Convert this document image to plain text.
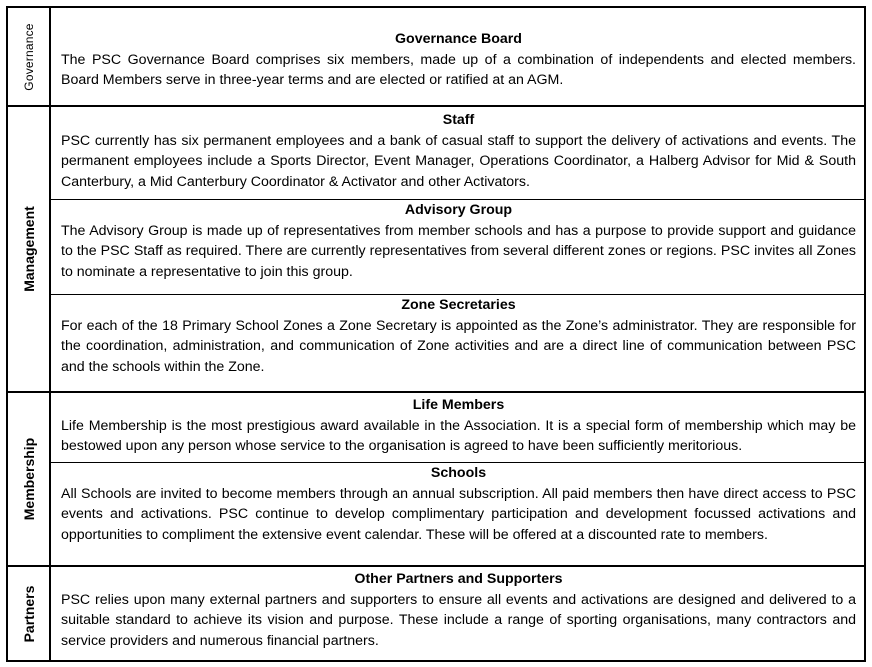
Governance	Governance Board
The PSC Governance Board comprises six members, made up of a combination of independents and elected members. Board Members serve in three-year terms and are elected or ratified at an AGM.
Management
Staff
PSC currently has six permanent employees and a bank of casual staff to support the delivery of activations and events. The permanent employees include a Sports Director, Event Manager, Operations Coordinator, a Halberg Advisor for Mid & South Canterbury, a Mid Canterbury Coordinator & Activator and other Activators.
Advisory Group
The Advisory Group is made up of representatives from member schools and has a purpose to provide support and guidance to the PSC Staff as required. There are currently representatives from several different zones or regions. PSC invites all Zones to nominate a representative to join this group.
Zone Secretaries
For each of the 18 Primary School Zones a Zone Secretary is appointed as the Zone’s administrator. They are responsible for the coordination, administration, and communication of Zone activities and are a direct line of communication between PSC and the schools within the Zone.
Membership
Life Members
Life Membership is the most prestigious award available in the Association. It is a special form of membership which may be bestowed upon any person whose service to the organisation is agreed to have been sufficiently meritorious.
Schools
All Schools are invited to become members through an annual subscription. All paid members then have direct access to PSC events and activations. PSC continue to develop complimentary participation and development focussed activations and opportunities to compliment the extensive event calendar. These will be offered at a discounted rate to members.
Partners
Other Partners and Supporters
PSC relies upon many external partners and supporters to ensure all events and activations are designed and delivered to a suitable standard to achieve its vision and purpose. These include a range of sporting organisations, many contractors and service providers and numerous financial partners.
